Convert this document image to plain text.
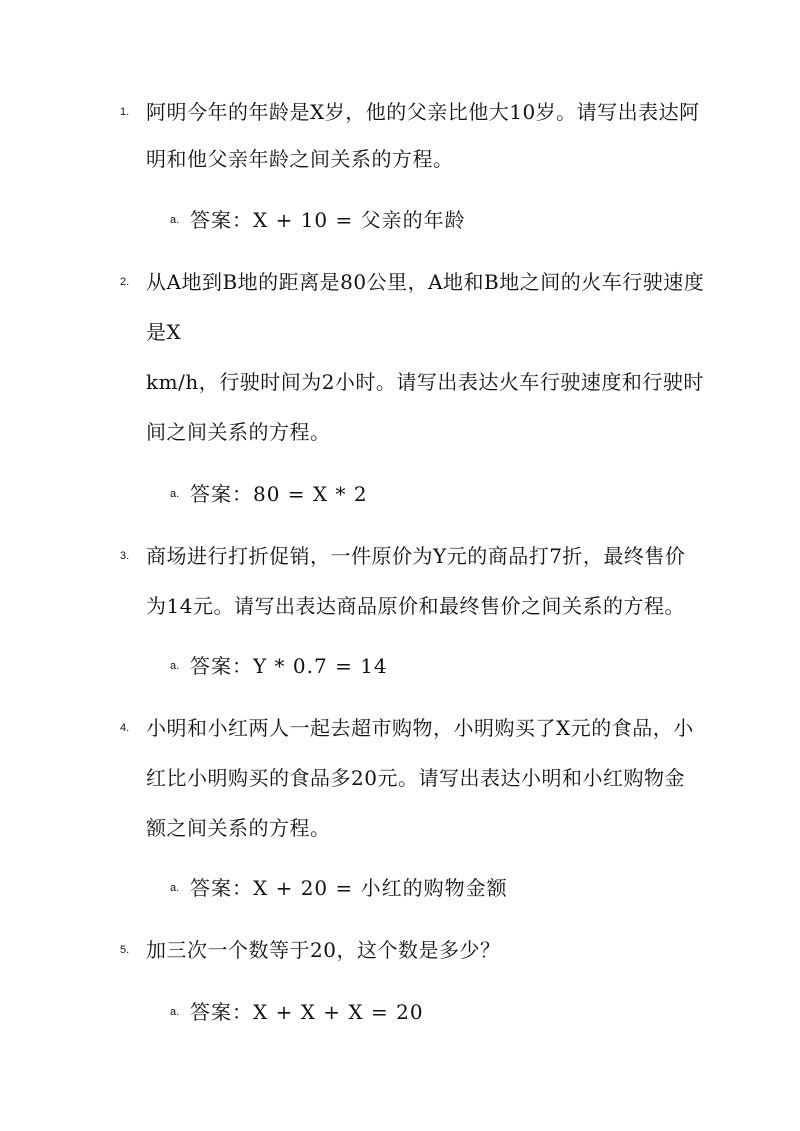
1. 阿明今年的年龄是X岁，他的父亲比他大10岁。请写出表达阿
明和他父亲年龄之间关系的方程。
a. 答案：X + 10 = 父亲的年龄
2. 从A地到B地的距离是80公里，A地和B地之间的火车行驶速度
是X
km/h，行驶时间为2小时。请写出表达火车行驶速度和行驶时
间之间关系的方程。
a. 答案：80 = X * 2
3. 商场进行打折促销，一件原价为Y元的商品打7折，最终售价
为14元。请写出表达商品原价和最终售价之间关系的方程。
a. 答案：Y * 0.7 = 14
4. 小明和小红两人一起去超市购物，小明购买了X元的食品，小
红比小明购买的食品多20元。请写出表达小明和小红购物金
额之间关系的方程。
a. 答案：X + 20 = 小红的购物金额
5. 加三次一个数等于20，这个数是多少？
a. 答案：X + X + X = 20
